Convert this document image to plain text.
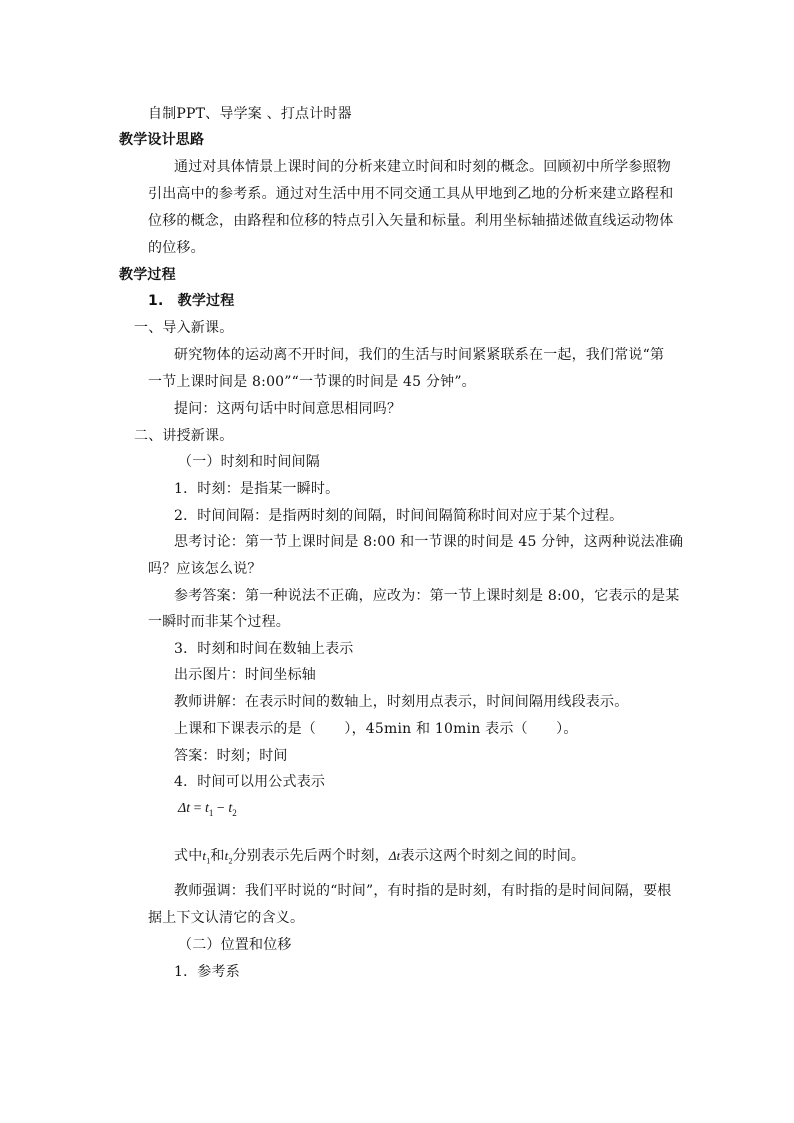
自制PPT、导学案 、打点计时器
教学设计思路
通过对具体情景上课时间的分析来建立时间和时刻的概念。回顾初中所学参照物
引出高中的参考系。通过对生活中用不同交通工具从甲地到乙地的分析来建立路程和
位移的概念，由路程和位移的特点引入矢量和标量。利用坐标轴描述做直线运动物体
的位移。
教学过程
1.　教学过程
一、导入新课。
研究物体的运动离不开时间，我们的生活与时间紧紧联系在一起，我们常说“第
一节上课时间是 8:00”“一节课的时间是 45 分钟”。
提问：这两句话中时间意思相同吗？
二、讲授新课。
（一）时刻和时间间隔
1．时刻：是指某一瞬时。
2．时间间隔：是指两时刻的间隔，时间间隔简称时间对应于某个过程。
思考讨论：第一节上课时间是 8:00 和一节课的时间是 45 分钟，这两种说法准确
吗？应该怎么说？
参考答案：第一种说法不正确，应改为：第一节上课时刻是 8:00，它表示的是某
一瞬时而非某个过程。
3．时刻和时间在数轴上表示
出示图片：时间坐标轴
教师讲解：在表示时间的数轴上，时刻用点表示，时间间隔用线段表示。
上课和下课表示的是（　　），45min 和 10min 表示（　　）。
答案：时刻；时间
4．时间可以用公式表示
$\Delta t = t_1 - t_2$
式中$t_1$和$t_2$分别表示先后两个时刻，Δt表示这两个时刻之间的时间。
教师强调：我们平时说的“时间”，有时指的是时刻，有时指的是时间间隔，要根
据上下文认清它的含义。
（二）位置和位移
1．参考系
